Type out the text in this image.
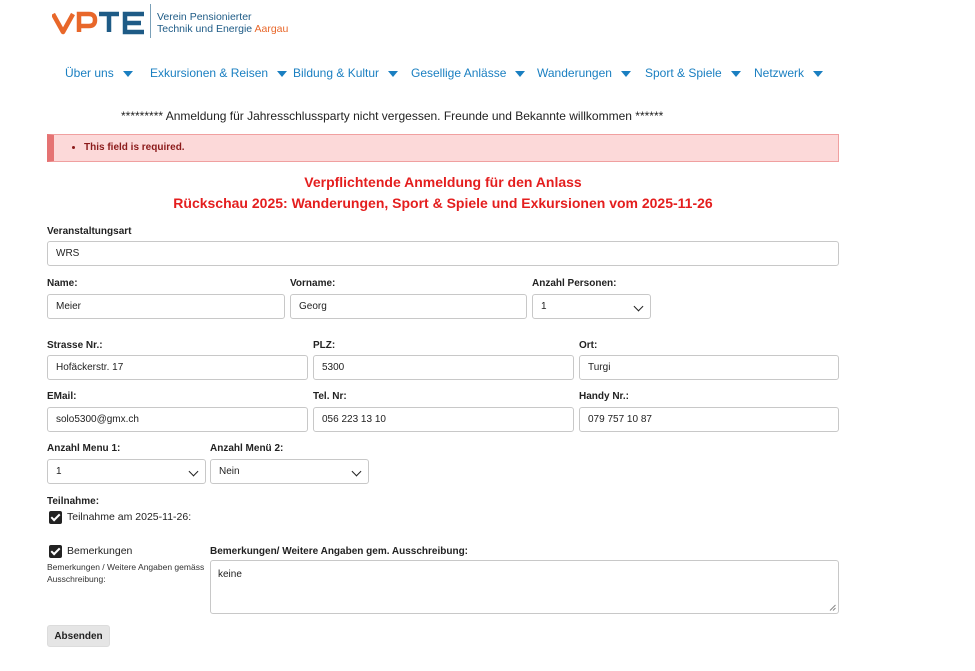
Verein Pensionierter
Technik und Energie Aargau
Über uns	Exkursionen & Reisen Bildung & Kultur	Gesellige Anlässe	Wanderungen	Sport & Spiele	Netzwerk
********* Anmeldung für Jahresschlussparty nicht vergessen. Freunde und Bekannte willkommen ******
• This field is required.
Verpflichtende Anmeldung für den Anlass
Rückschau 2025: Wanderungen, Sport & Spiele und Exkursionen vom 2025-11-26
Veranstaltungsart
WRS
Name:
Meier
Vorname:
Georg
Anzahl Personen:
1
Strasse Nr.:
Hofäckerstr. 17
PLZ:
5300
Ort:
Turgi
EMail:
solo5300@gmx.ch
Tel. Nr:
056 223 13 10
Handy Nr.:
079 757 10 87
Anzahl Menu 1:
1
Anzahl Menü 2:
Nein
Teilnahme:
Teilnahme am 2025-11-26:
Bemerkungen
Bemerkungen / Weitere Angaben gemäss Ausschreibung:
Bemerkungen/ Weitere Angaben gem. Ausschreibung:
keine
Absenden
